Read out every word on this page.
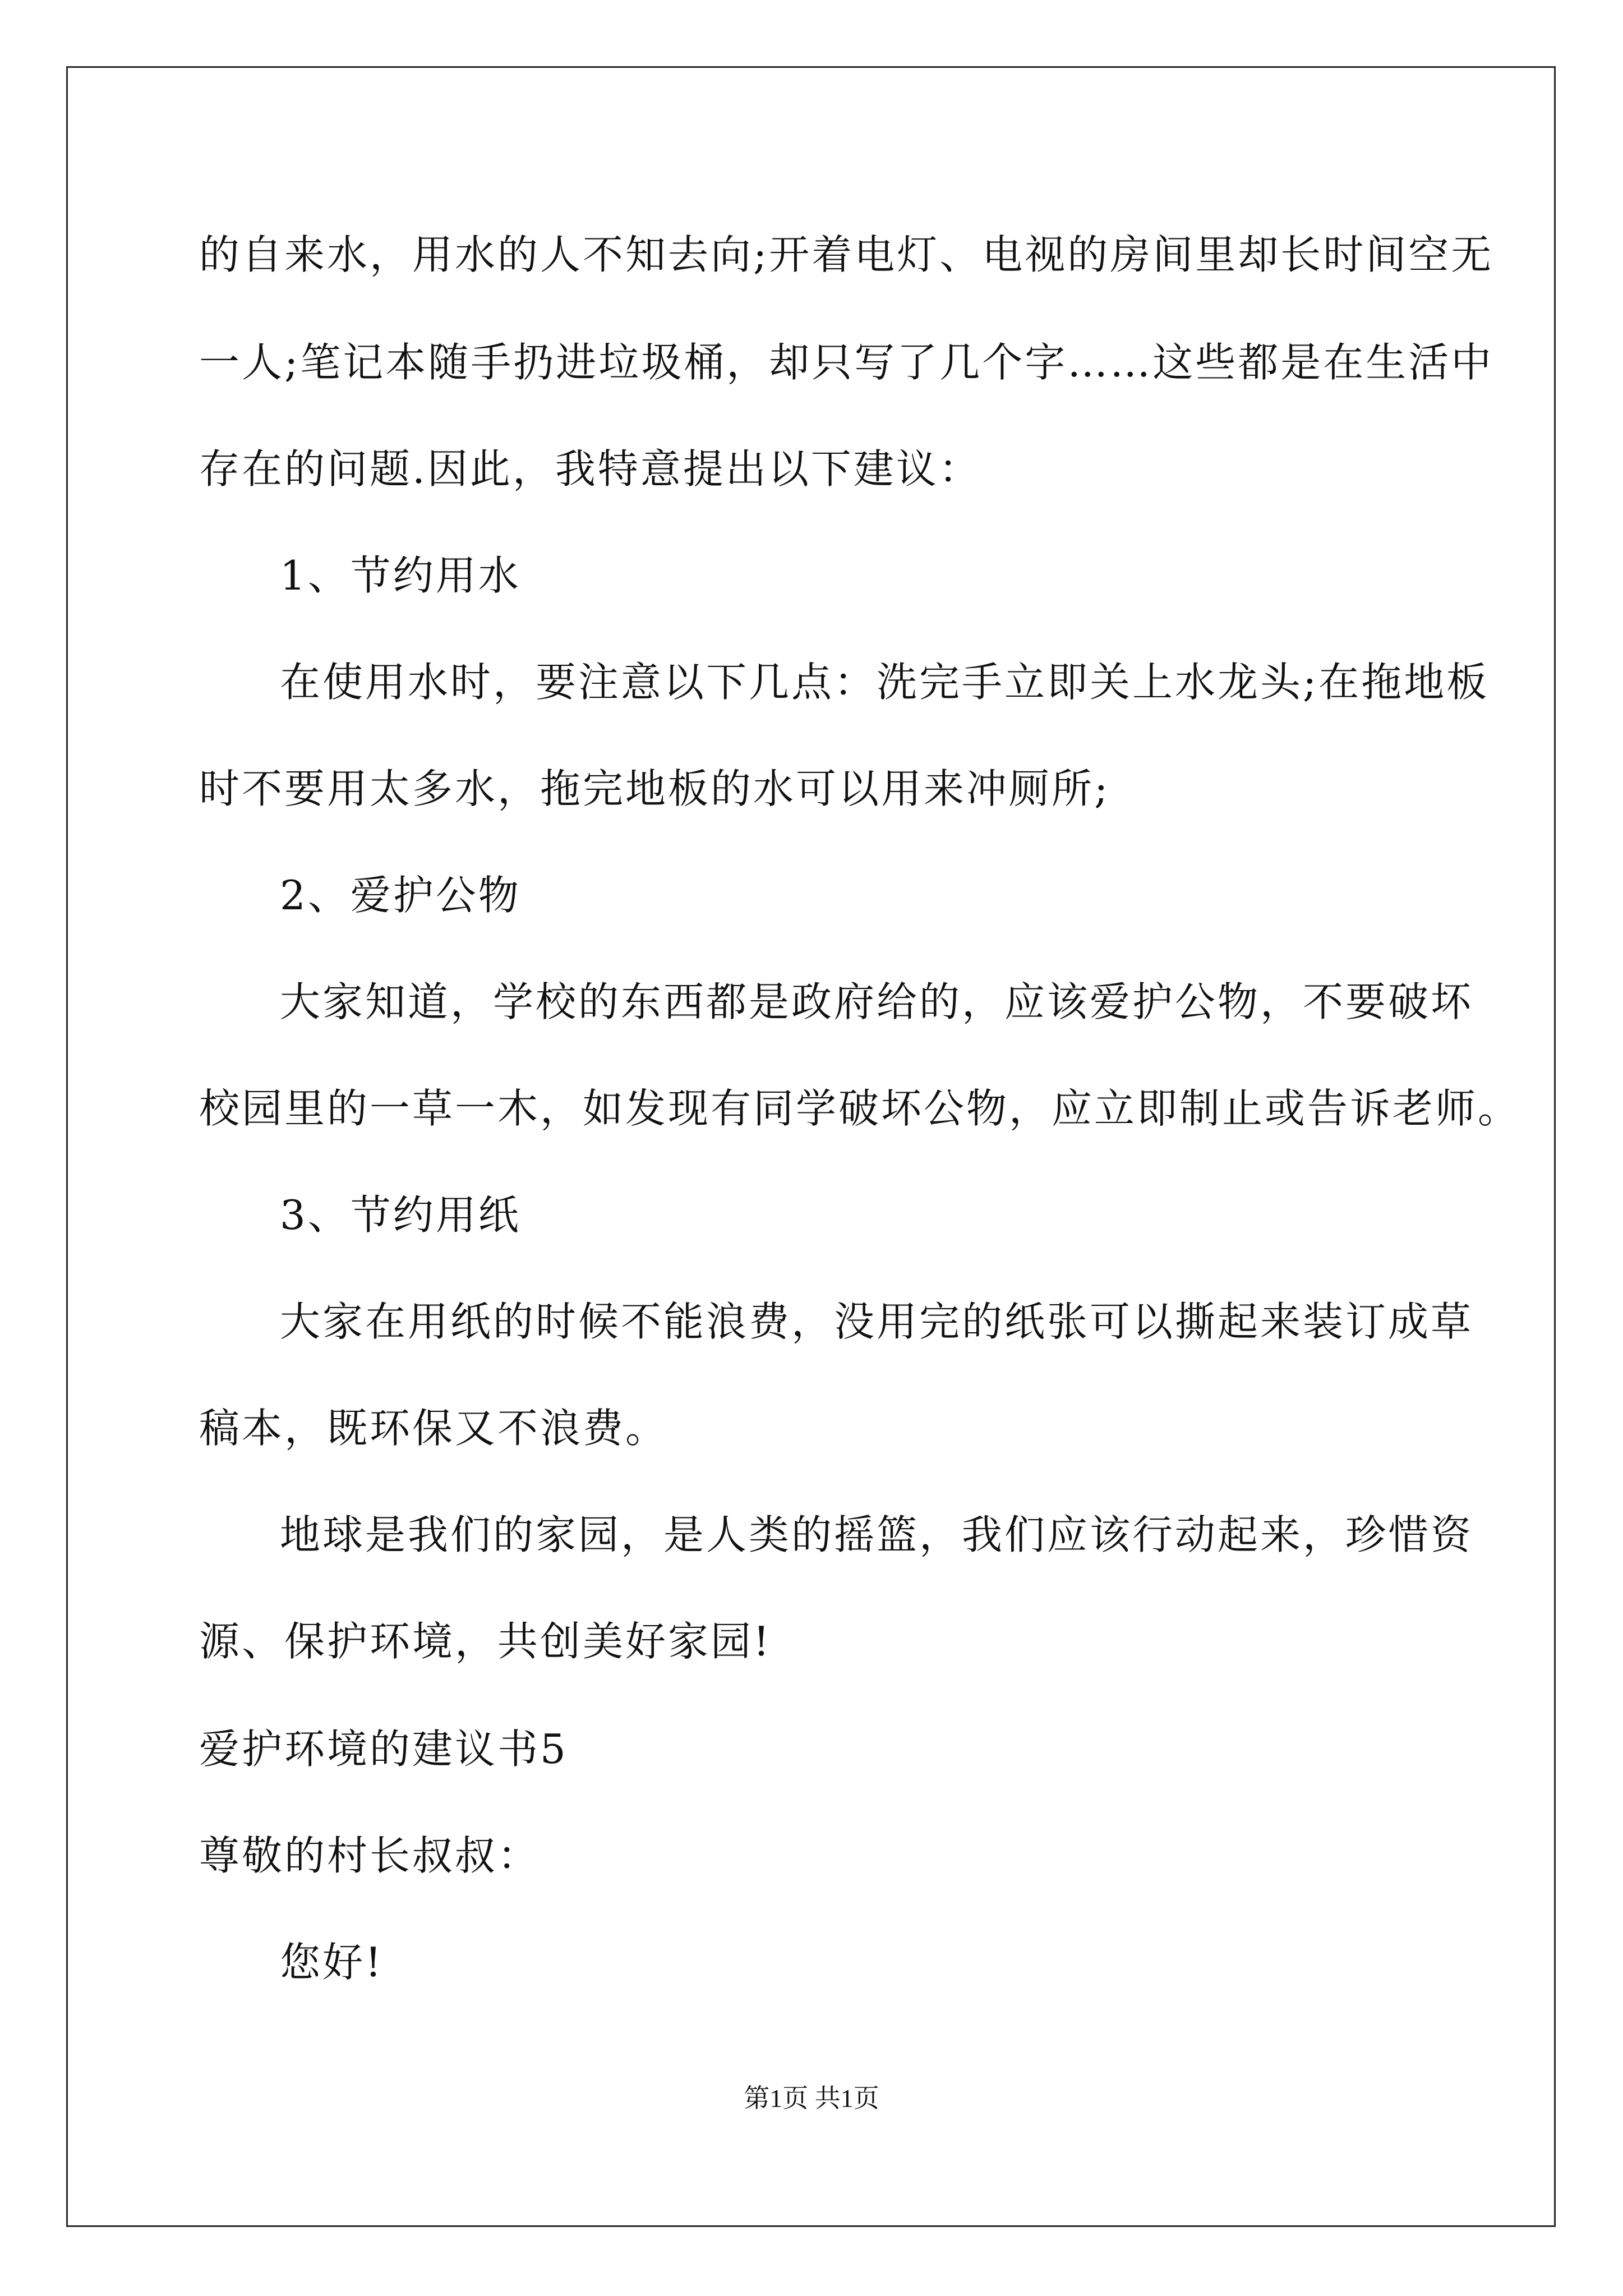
的自来水，用水的人不知去向;开着电灯、电视的房间里却长时间空无
一人;笔记本随手扔进垃圾桶，却只写了几个字……这些都是在生活中
存在的问题.因此，我特意提出以下建议：
1、节约用水
在使用水时，要注意以下几点：洗完手立即关上水龙头;在拖地板
时不要用太多水，拖完地板的水可以用来冲厕所;
2、爱护公物
大家知道，学校的东西都是政府给的，应该爱护公物，不要破坏
校园里的一草一木，如发现有同学破坏公物，应立即制止或告诉老师。
3、节约用纸
大家在用纸的时候不能浪费，没用完的纸张可以撕起来装订成草
稿本，既环保又不浪费。
地球是我们的家园，是人类的摇篮，我们应该行动起来，珍惜资
源、保护环境，共创美好家园!
爱护环境的建议书5
尊敬的村长叔叔：
您好!
第1页 共1页
